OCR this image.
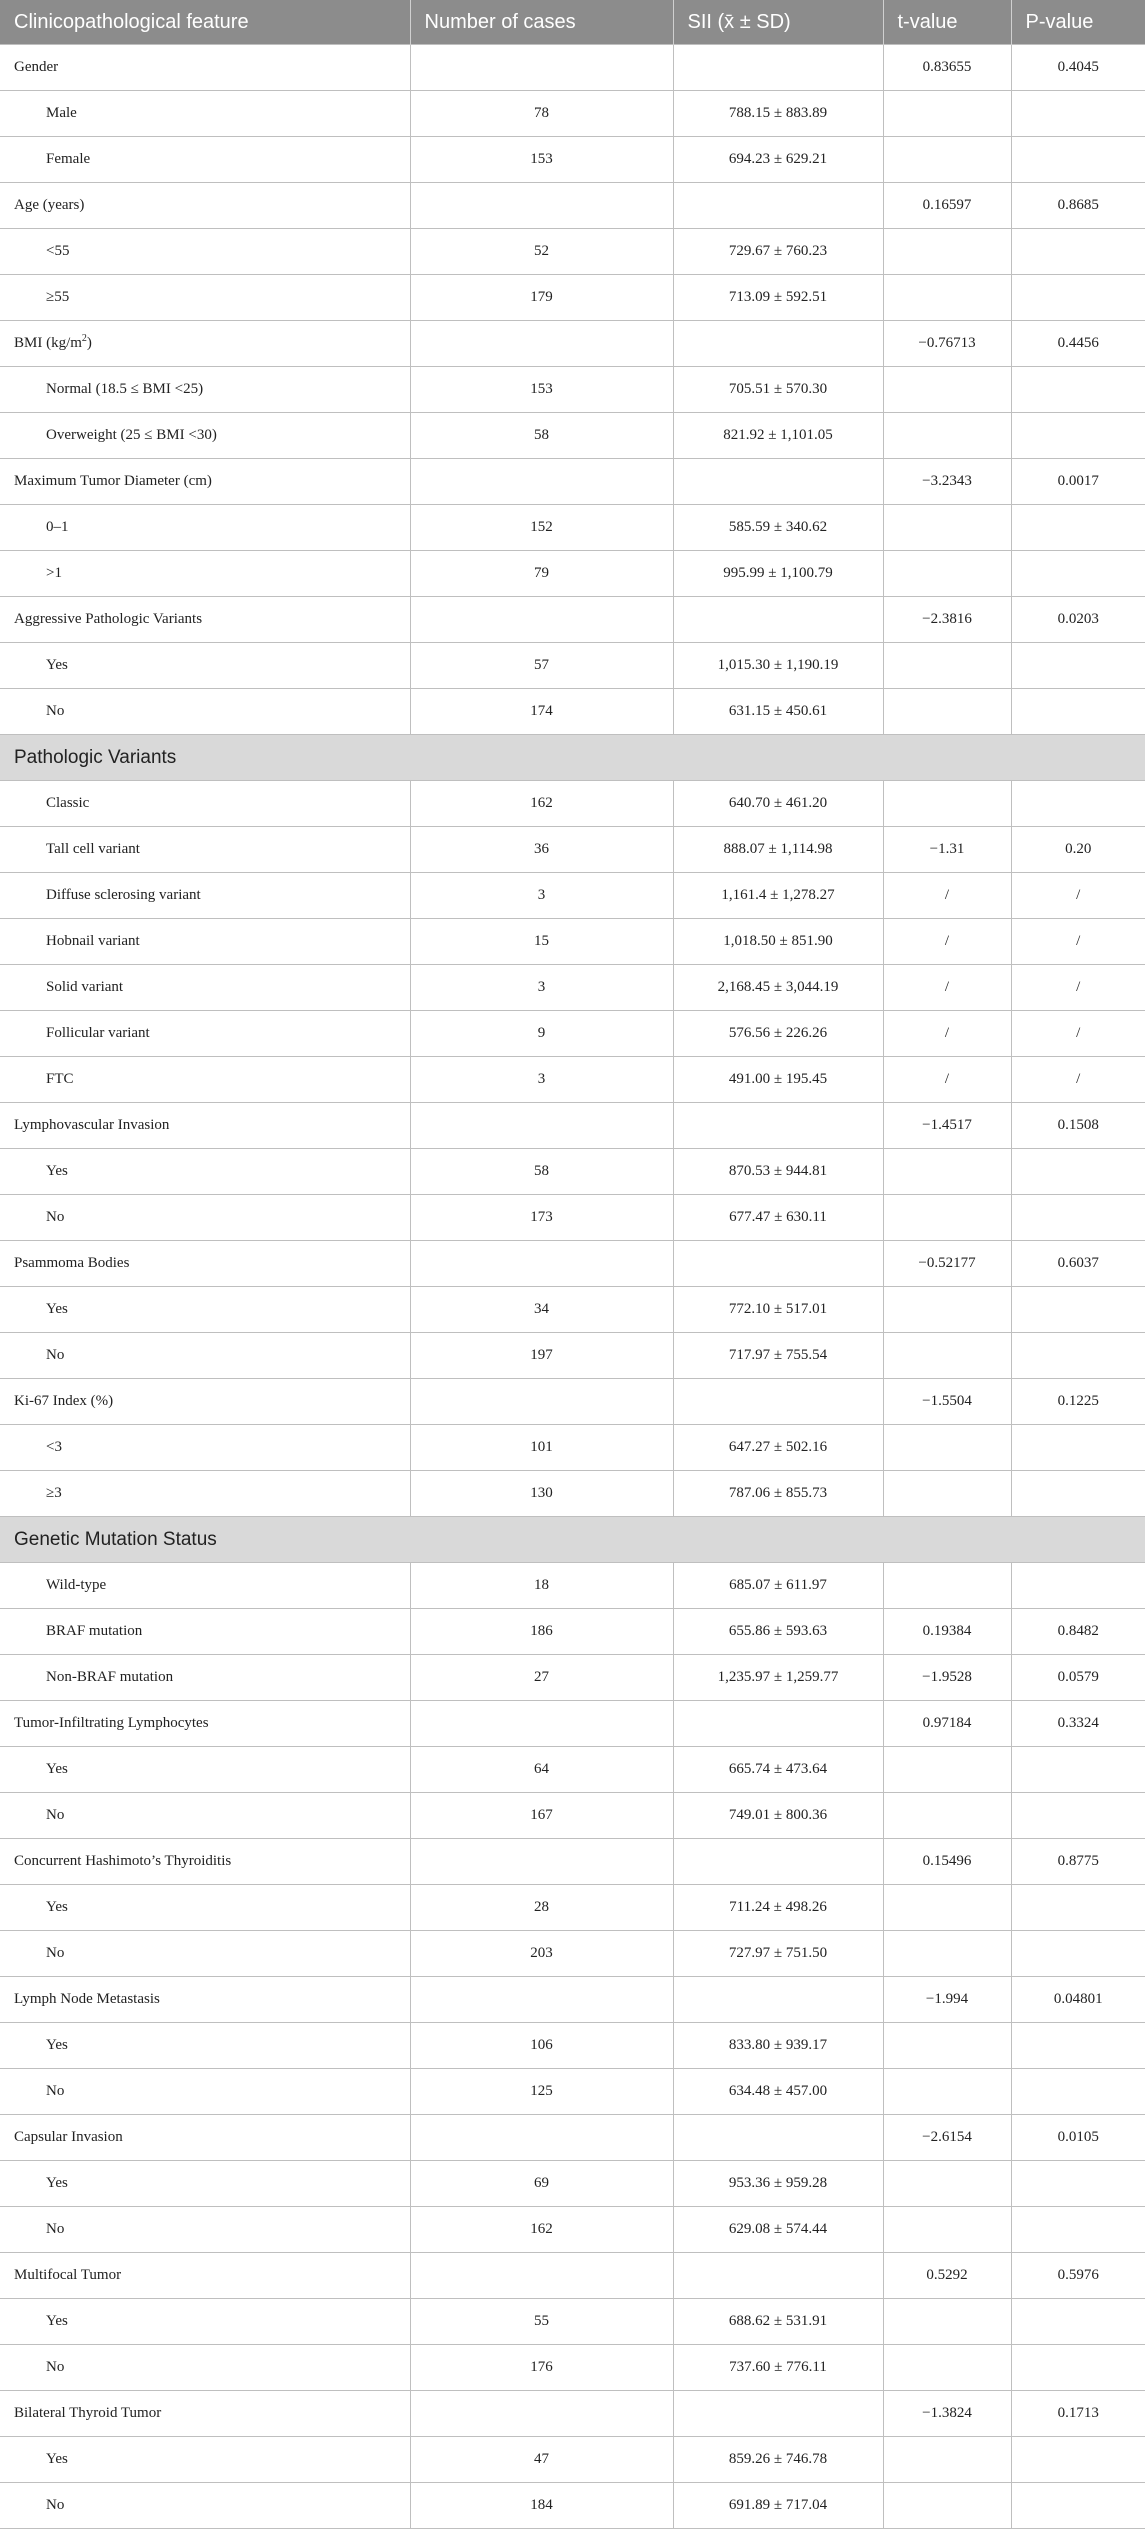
Clinicopathological feature	Number of cases	SII (x̄ ± SD)	t-value	P-value
Gender			0.83655	0.4045
Male	78	788.15 ± 883.89		
Female	153	694.23 ± 629.21		
Age (years)			0.16597	0.8685
<55	52	729.67 ± 760.23		
≥55	179	713.09 ± 592.51		
BMI $(kg/m^2)$			−0.76713	0.4456
Normal (18.5 ≤ BMI <25)	153	705.51 ± 570.30		
Overweight (25 ≤ BMI <30)	58	821.92 ± 1,101.05		
Maximum Tumor Diameter (cm)			−3.2343	0.0017
0–1	152	585.59 ± 340.62		
>1	79	995.99 ± 1,100.79		
Aggressive Pathologic Variants			−2.3816	0.0203
Yes	57	1,015.30 ± 1,190.19		
No	174	631.15 ± 450.61		
Pathologic Variants				
Classic	162	640.70 ± 461.20		
Tall cell variant	36	888.07 ± 1,114.98	−1.31	0.20
Diffuse sclerosing variant	3	1,161.4 ± 1,278.27	/	/
Hobnail variant	15	1,018.50 ± 851.90	/	/
Solid variant	3	2,168.45 ± 3,044.19	/	/
Follicular variant	9	576.56 ± 226.26	/	/
FTC	3	491.00 ± 195.45	/	/
Lymphovascular Invasion			−1.4517	0.1508
Yes	58	870.53 ± 944.81		
No	173	677.47 ± 630.11		
Psammoma Bodies			−0.52177	0.6037
Yes	34	772.10 ± 517.01		
No	197	717.97 ± 755.54		
Ki-67 Index (%)			−1.5504	0.1225
<3	101	647.27 ± 502.16		
≥3	130	787.06 ± 855.73		
Genetic Mutation Status				
Wild-type	18	685.07 ± 611.97		
BRAF mutation	186	655.86 ± 593.63	0.19384	0.8482
Non-BRAF mutation	27	1,235.97 ± 1,259.77	−1.9528	0.0579
Tumor-Infiltrating Lymphocytes			0.97184	0.3324
Yes	64	665.74 ± 473.64		
No	167	749.01 ± 800.36		
Concurrent Hashimoto’s Thyroiditis			0.15496	0.8775
Yes	28	711.24 ± 498.26		
No	203	727.97 ± 751.50		
Lymph Node Metastasis			−1.994	0.04801
Yes	106	833.80 ± 939.17		
No	125	634.48 ± 457.00		
Capsular Invasion			−2.6154	0.0105
Yes	69	953.36 ± 959.28		
No	162	629.08 ± 574.44		
Multifocal Tumor			0.5292	0.5976
Yes	55	688.62 ± 531.91		
No	176	737.60 ± 776.11		
Bilateral Thyroid Tumor			−1.3824	0.1713
Yes	47	859.26 ± 746.78		
No	184	691.89 ± 717.04		
